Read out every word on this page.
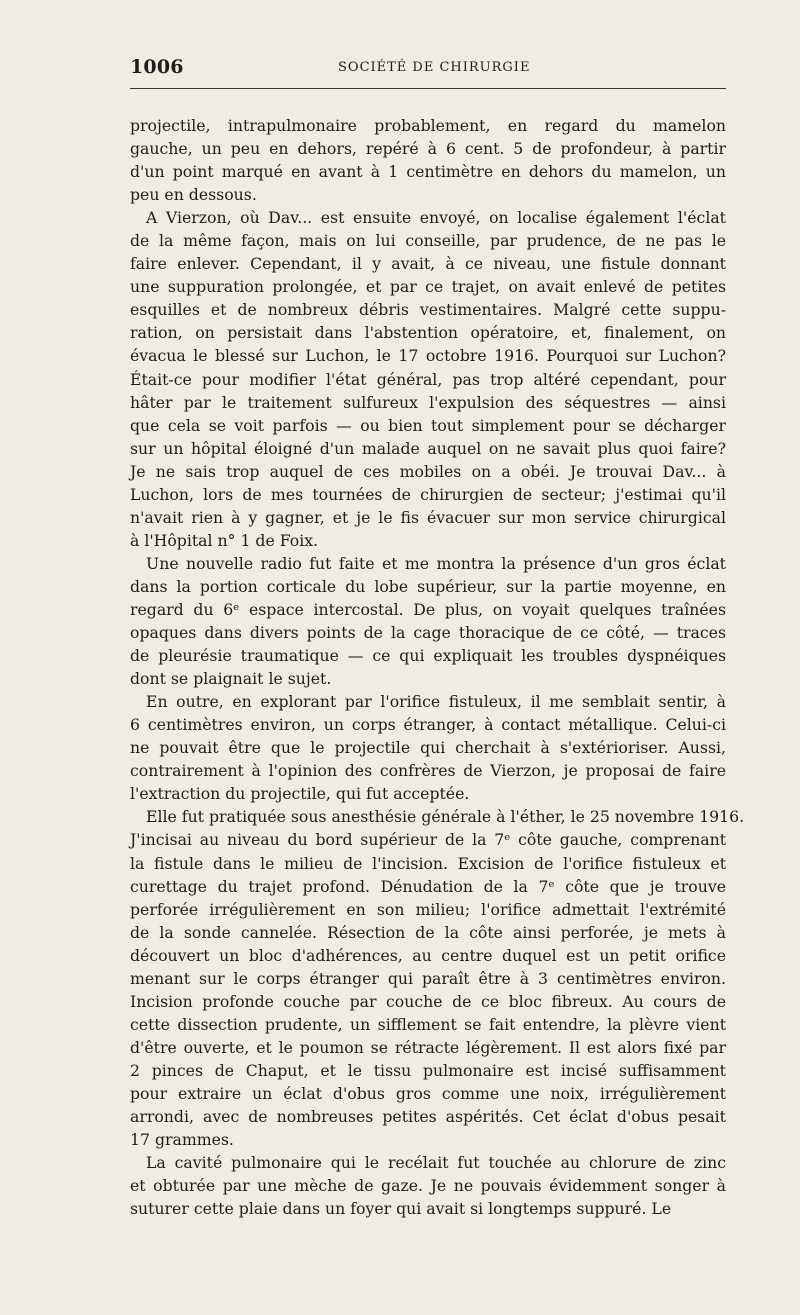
1006	SOCIÉTÉ DE CHIRURGIE

projectile, intrapulmonaire probablement, en regard du mamelon
gauche, un peu en dehors, repéré à 6 cent. 5 de profondeur, à partir
d'un point marqué en avant à 1 centimètre en dehors du mamelon, un
peu en dessous.

A Vierzon, où Dav... est ensuite envoyé, on localise également l'éclat
de la même façon, mais on lui conseille, par prudence, de ne pas le
faire enlever. Cependant, il y avait, à ce niveau, une fistule donnant
une suppuration prolongée, et par ce trajet, on avait enlevé de petites
esquilles et de nombreux débris vestimentaires. Malgré cette suppu-
ration, on persistait dans l'abstention opératoire, et, finalement, on
évacua le blessé sur Luchon, le 17 octobre 1916. Pourquoi sur Luchon?
Était-ce pour modifier l'état général, pas trop altéré cependant, pour
hâter par le traitement sulfureux l'expulsion des séquestres — ainsi
que cela se voit parfois — ou bien tout simplement pour se décharger
sur un hôpital éloigné d'un malade auquel on ne savait plus quoi faire?
Je ne sais trop auquel de ces mobiles on a obéi. Je trouvai Dav... à
Luchon, lors de mes tournées de chirurgien de secteur; j'estimai qu'il
n'avait rien à y gagner, et je le fis évacuer sur mon service chirurgical
à l'Hôpital n° 1 de Foix.

Une nouvelle radio fut faite et me montra la présence d'un gros éclat
dans la portion corticale du lobe supérieur, sur la partie moyenne, en
regard du 6ᵉ espace intercostal. De plus, on voyait quelques traînées
opaques dans divers points de la cage thoracique de ce côté, — traces
de pleurésie traumatique — ce qui expliquait les troubles dyspnéiques
dont se plaignait le sujet.

En outre, en explorant par l'orifice fistuleux, il me semblait sentir, à
6 centimètres environ, un corps étranger, à contact métallique. Celui-ci
ne pouvait être que le projectile qui cherchait à s'extérioriser. Aussi,
contrairement à l'opinion des confrères de Vierzon, je proposai de faire
l'extraction du projectile, qui fut acceptée.

Elle fut pratiquée sous anesthésie générale à l'éther, le 25 novembre 1916.
J'incisai au niveau du bord supérieur de la 7ᵉ côte gauche, comprenant
la fistule dans le milieu de l'incision. Excision de l'orifice fistuleux et
curettage du trajet profond. Dénudation de la 7ᵉ côte que je trouve
perforée irrégulièrement en son milieu; l'orifice admettait l'extrémité
de la sonde cannelée. Résection de la côte ainsi perforée, je mets à
découvert un bloc d'adhérences, au centre duquel est un petit orifice
menant sur le corps étranger qui paraît être à 3 centimètres environ.
Incision profonde couche par couche de ce bloc fibreux. Au cours de
cette dissection prudente, un sifflement se fait entendre, la plèvre vient
d'être ouverte, et le poumon se rétracte légèrement. Il est alors fixé par
2 pinces de Chaput, et le tissu pulmonaire est incisé suffisamment
pour extraire un éclat d'obus gros comme une noix, irrégulièrement
arrondi, avec de nombreuses petites aspérités. Cet éclat d'obus pesait
17 grammes.

La cavité pulmonaire qui le recélait fut touchée au chlorure de zinc
et obturée par une mèche de gaze. Je ne pouvais évidemment songer à
suturer cette plaie dans un foyer qui avait si longtemps suppuré. Le
